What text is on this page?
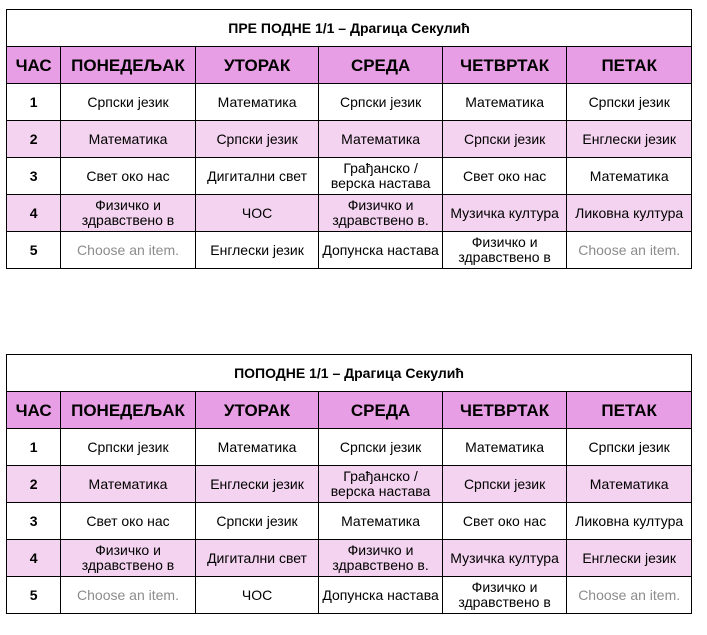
ПРЕ ПОДНЕ 1/1 – Драгица Секулић					
ЧАС	ПОНЕДЕЉАК	УТОРАК	СРЕДА	ЧЕТВРТАК	ПЕТАК
1	Српски језик	Математика	Српски језик	Математика	Српски језик
2	Математика	Српски језик	Математика	Српски језик	Енглески језик
3	Свет око нас	Дигитални свет	Грађанско / верска настава	Свет око нас	Математика
4	Физичко и здравствено в	ЧОС	Физичко и здравствено в.	Музичка култура	Ликовна култура
5	Choose an item.	Енглески језик	Допунска настава	Физичко и здравствено в	Choose an item.
ПОПОДНЕ 1/1 – Драгица Секулић					
ЧАС	ПОНЕДЕЉАК	УТОРАК	СРЕДА	ЧЕТВРТАК	ПЕТАК
1	Српски језик	Математика	Српски језик	Математика	Српски језик
2	Математика	Енглески језик	Грађанско / верска настава	Српски језик	Математика
3	Свет око нас	Српски језик	Математика	Свет око нас	Ликовна култура
4	Физичко и здравствено в	Дигитални свет	Физичко и здравствено в.	Музичка култура	Енглески језик
5	Choose an item.	ЧОС	Допунска настава	Физичко и здравствено в	Choose an item.
